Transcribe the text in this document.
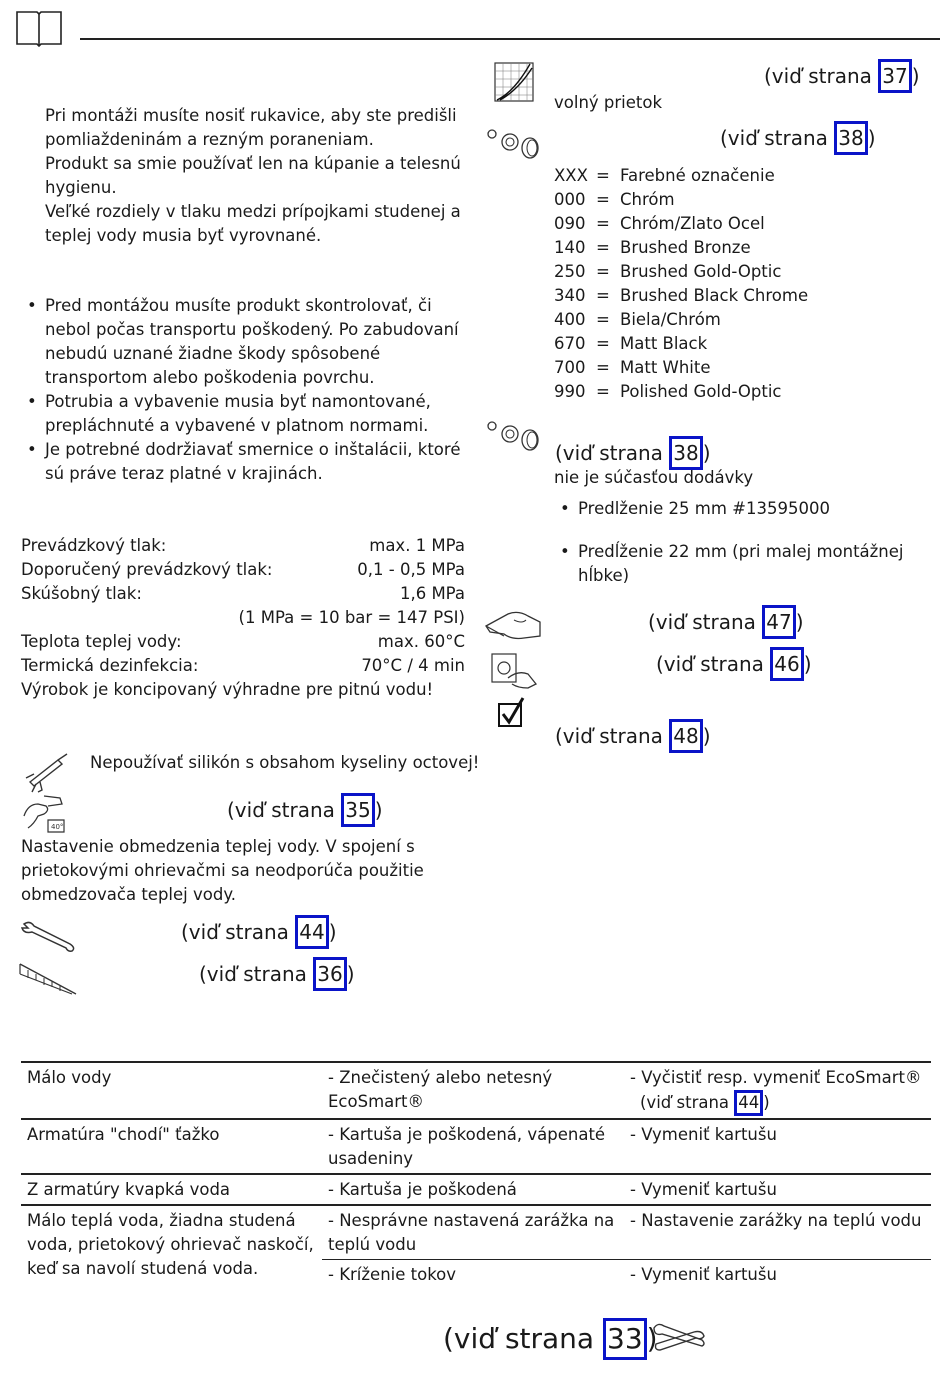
Pri montáži musíte nosiť rukavice, aby ste predišli pomliaždeninám a rezným poraneniam.
Produkt sa smie používať len na kúpanie a telesnú hygienu.
Veľké rozdiely v tlaku medzi prípojkami studenej a teplej vody musia byť vyrovnané.
• Pred montážou musíte produkt skontrolovať, či nebol počas transportu poškodený. Po zabudovaní nebudú uznané žiadne škody spôsobené transportom alebo poškodenia povrchu.
• Potrubia a vybavenie musia byť namontované, prepláchnuté a vybavené v platnom normami.
• Je potrebné dodržiavať smernice o inštalácii, ktoré sú práve teraz platné v krajinách.
Prevádzkový tlak:	max. 1 MPa
Doporučený prevádzkový tlak:	0,1 - 0,5 MPa
Skúšobný tlak:	1,6 MPa
(1 MPa = 10 bar = 147 PSI)
Teplota teplej vody:	max. 60°C
Termická dezinfekcia:	70°C / 4 min
Výrobok je koncipovaný výhradne pre pitnú vodu!
Nepoužívať silikón s obsahom kyseliny octovej!
40°
(viď strana 35 )
Nastavenie obmedzenia teplej vody. V spojení s prietokovými ohrievačmi sa neodporúča použitie obmedzovača teplej vody.
(viď strana 44 )
(viď strana 36 )
(viď strana 37 )
volný prietok
(viď strana 38 )
XXX = Farebné označenie
000 = Chróm
090 = Chróm/Zlato Ocel
140 = Brushed Bronze
250 = Brushed Gold-Optic
340 = Brushed Black Chrome
400 = Biela/Chróm
670 = Matt Black
700 = Matt White
990 = Polished Gold-Optic
(viď strana 38 )
nie je súčasťou dodávky
• Predlženie 25 mm #13595000
• Predĺženie 22 mm (pri malej montážnej hĺbke)
(viď strana 47 )
(viď strana 46 )
(viď strana 48 )
Málo vody	- Znečistený alebo netesný EcoSmart®	- Vyčistiť resp. vymeniť EcoSmart®
(viď strana 44 )

Armatúra "chodí" ťažko	- Kartuša je poškodená, vápenaté usadeniny	- Vymeniť kartušu
Z armatúry kvapká voda	- Kartuša je poškodená	- Vymeniť kartušu
Málo teplá voda, žiadna studená voda, prietokový ohrievač naskočí, keď sa navolí studená voda.	- Nesprávne nastavená zarážka na teplú vodu	- Nastavenie zarážky na teplú vodu
	- Kríženie tokov	- Vymeniť kartušu
(viď strana 33 )
